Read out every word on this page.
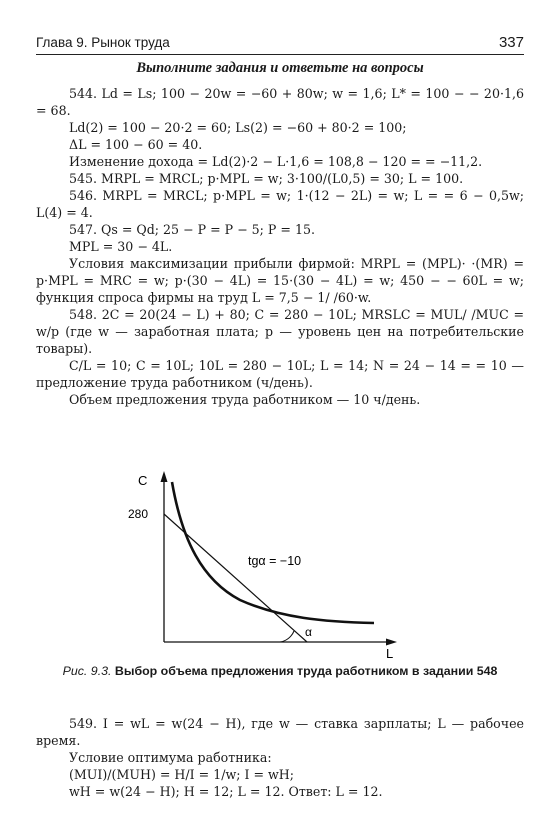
Глава 9. Рынок труда	337
Выполните задания и ответьте на вопросы

544. Ld = Ls; 100 − 20w = −60 + 80w; w = 1,6; L* = 100 − − 20·1,6 = 68.

Ld(2) = 100 − 20·2 = 60; Ls(2) = −60 + 80·2 = 100;

ΔL = 100 − 60 = 40.

Изменение дохода = Ld(2)·2 − L·1,6 = 108,8 − 120 = = −11,2.

545. MRPL = MRCL; p·MPL = w; 3·100/(L0,5) = 30; L = 100.

546. MRPL = MRCL; p·MPL = w; 1·(12 − 2L) = w; L = = 6 − 0,5w; L(4) = 4.

547. Qs = Qd; 25 − P = P − 5; P = 15.

MPL = 30 − 4L.

Условия максимизации прибыли фирмой: MRPL = (MPL)· ·(MR) = p·MPL = MRC = w; p·(30 − 4L) = 15·(30 − 4L) = w; 450 − − 60L = w; функция спроса фирмы на труд L = 7,5 − 1/ /60·w.

548. 2C = 20(24 − L) + 80; C = 280 − 10L; MRSLC = MUL/ /MUC = w/p (где w — заработная плата; p — уровень цен на потребительские товары).

C/L = 10; C = 10L; 10L = 280 − 10L; L = 14; N = 24 − 14 = = 10 — предложение труда работником (ч/день).

Объем предложения труда работником — 10 ч/день.

C
280
tgα = −10
α
L
Рис. 9.3. Выбор объема предложения труда работником в задании 548

549. I = wL = w(24 − H), где w — ставка зарплаты; L — рабочее время.

Условие оптимума работника:

(MUI)/(MUH) = H/I = 1/w; I = wH;

wH = w(24 − H); H = 12; L = 12. Ответ: L = 12.
